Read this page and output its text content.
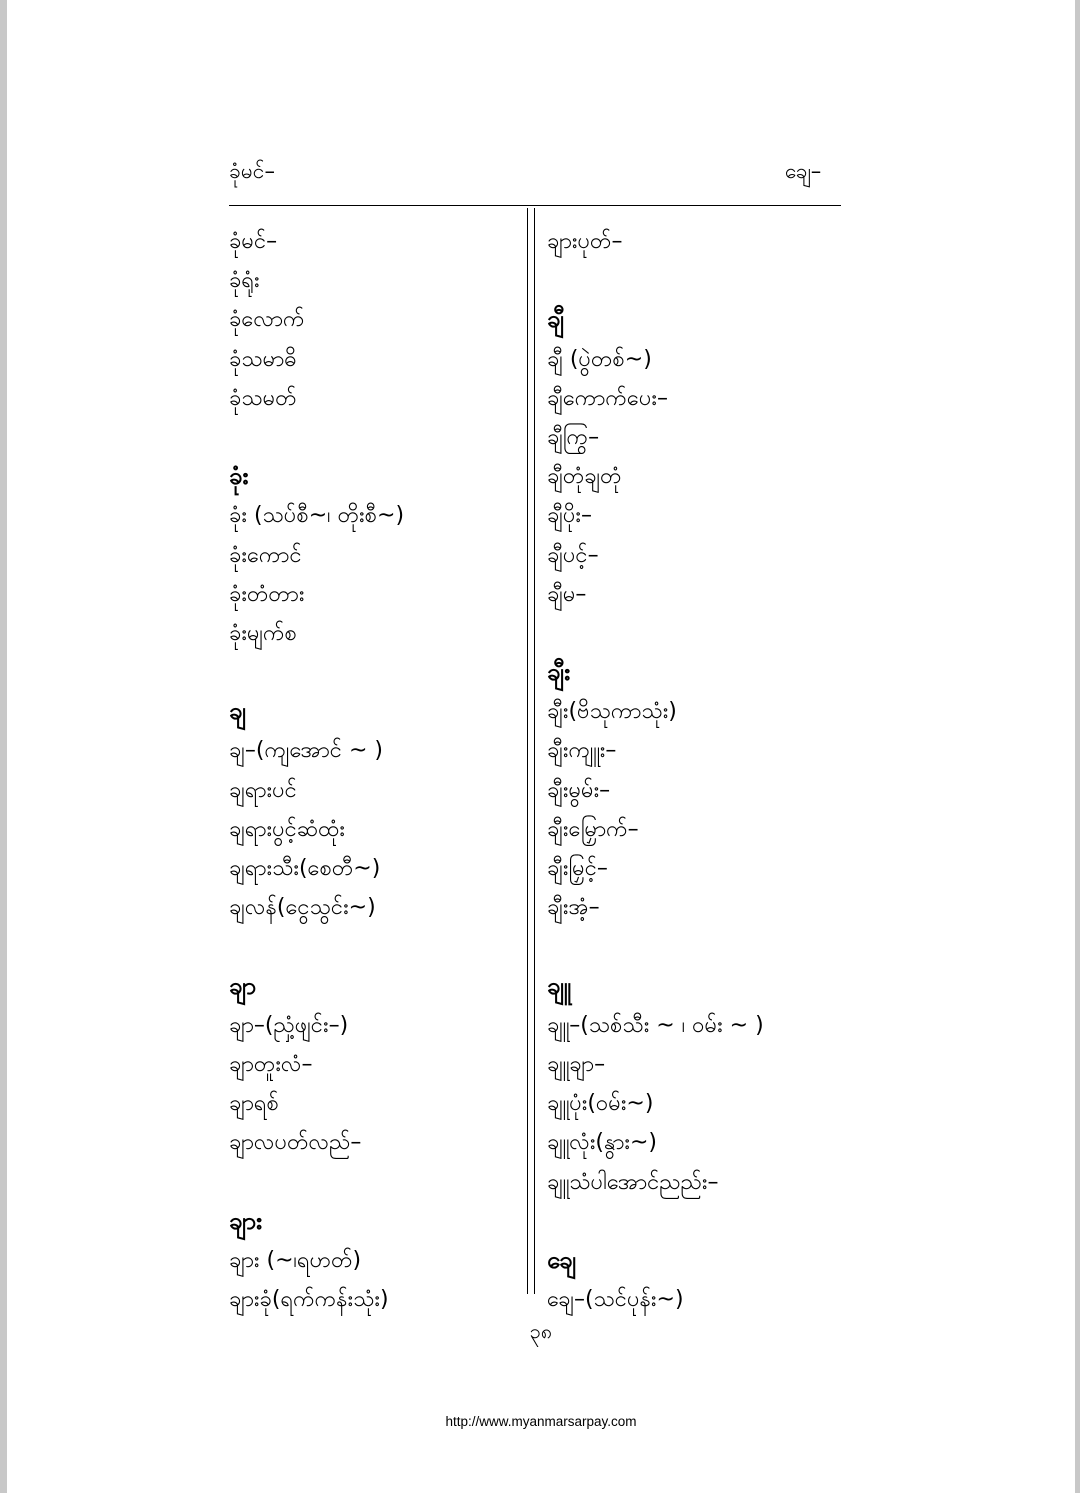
ခုံမင်–	ချေ–
ခုံမင်–
ခုံရုံး
ခုံလောက်
ခုံသမာဓိ
ခုံသမတ်
ခုံး
ခုံး (သပ်စီ~၊ တိုးစီ~)
ခုံးကောင်
ခုံးတံတား
ခုံးမျက်စ
ချ
ချ–(ကျအောင် ~ )
ချရားပင်
ချရားပွင့်ဆံထုံး
ချရားသီး(စေတီ~)
ချလန်(ငွေသွင်း~)
ချာ
ချာ–(ညှံ့ဖျင်း–)
ချာတူးလံ–
ချာရစ်
ချာလပတ်လည်–
ချား
ချား (~၊ရဟတ်)
ချားခုံ(ရက်ကန်းသုံး)
ချားပုတ်–
ချီ
ချီ (ပွဲတစ်~)
ချီကောက်ပေး–
ချီကြွ–
ချီတုံချတုံ
ချီပိုး–
ချီပင့်–
ချီမ–
ချီး
ချီး(ဗိသုကာသုံး)
ချီးကျူး–
ချီးမွမ်း–
ချီးမြှောက်–
ချီးမြှင့်–
ချီးအံ့–
ချူ
ချူ–(သစ်သီး ~ ၊ ဝမ်း ~ )
ချူချာ–
ချူပုံး(ဝမ်း~)
ချူလုံး(နွား~)
ချူသံပါအောင်ညည်း–
ချေ
ချေ–(သင်ပုန်း~)
၃၈
http://www.myanmarsarpay.com
